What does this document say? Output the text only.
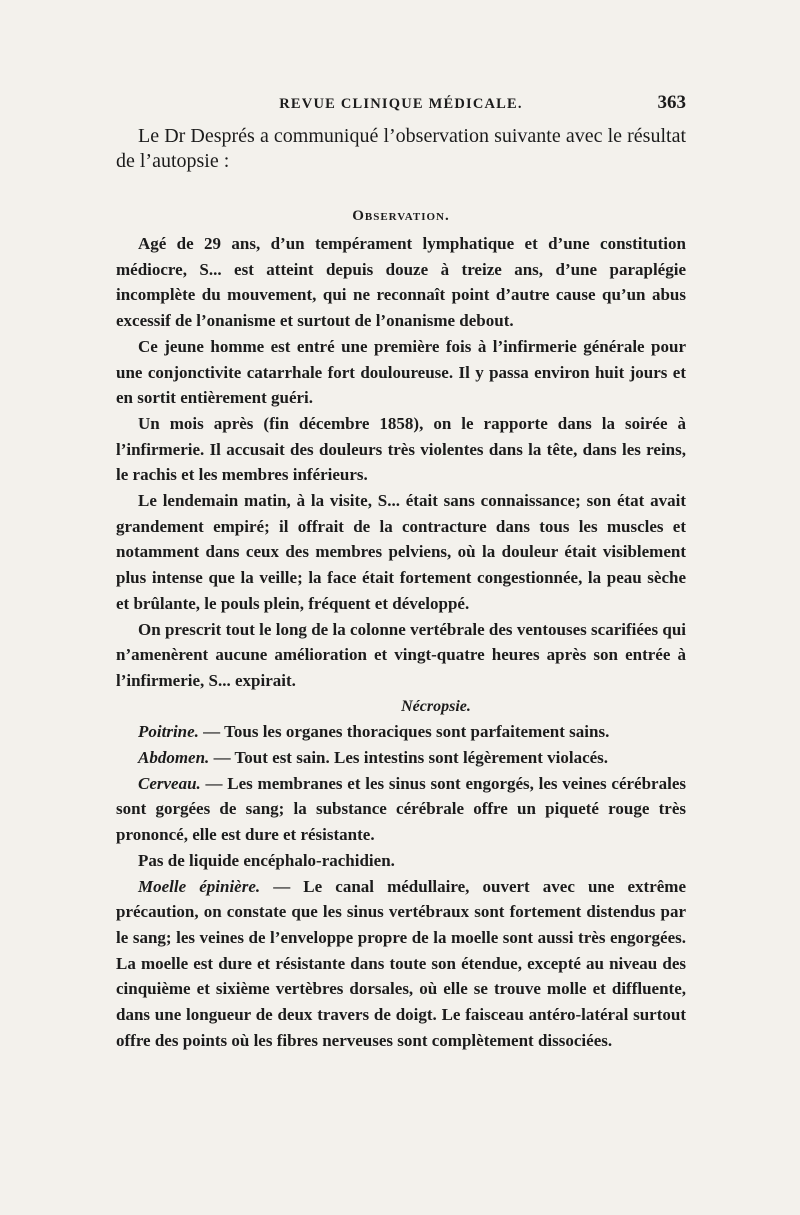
REVUE CLINIQUE MÉDICALE.	363

Le Dr Després a communiqué l’observation suivante avec le résultat de l’autopsie :

Observation.

Agé de 29 ans, d’un tempérament lymphatique et d’une constitution médiocre, S... est atteint depuis douze à treize ans, d’une paraplégie incomplète du mouvement, qui ne reconnaît point d’autre cause qu’un abus excessif de l’onanisme et surtout de l’onanisme debout.

Ce jeune homme est entré une première fois à l’infirmerie générale pour une conjonctivite catarrhale fort douloureuse. Il y passa environ huit jours et en sortit entièrement guéri.

Un mois après (fin décembre 1858), on le rapporte dans la soirée à l’infirmerie. Il accusait des douleurs très violentes dans la tête, dans les reins, le rachis et les membres inférieurs.

Le lendemain matin, à la visite, S... était sans connaissance; son état avait grandement empiré; il offrait de la contracture dans tous les muscles et notamment dans ceux des membres pelviens, où la douleur était visiblement plus intense que la veille; la face était fortement congestionnée, la peau sèche et brûlante, le pouls plein, fréquent et développé.

On prescrit tout le long de la colonne vertébrale des ventouses scarifiées qui n’amenèrent aucune amélioration et vingt-quatre heures après son entrée à l’infirmerie, S... expirait.

Nécropsie.

Poitrine. — Tous les organes thoraciques sont parfaitement sains.

Abdomen. — Tout est sain. Les intestins sont légèrement violacés.

Cerveau. — Les membranes et les sinus sont engorgés, les veines cérébrales sont gorgées de sang; la substance cérébrale offre un piqueté rouge très prononcé, elle est dure et résistante.

Pas de liquide encéphalo-rachidien.

Moelle épinière. — Le canal médullaire, ouvert avec une extrême précaution, on constate que les sinus vertébraux sont fortement distendus par le sang; les veines de l’enveloppe propre de la moelle sont aussi très engorgées. La moelle est dure et résistante dans toute son étendue, excepté au niveau des cinquième et sixième vertèbres dorsales, où elle se trouve molle et diffluente, dans une longueur de deux travers de doigt. Le faisceau antéro-latéral surtout offre des points où les fibres nerveuses sont complètement dissociées.
